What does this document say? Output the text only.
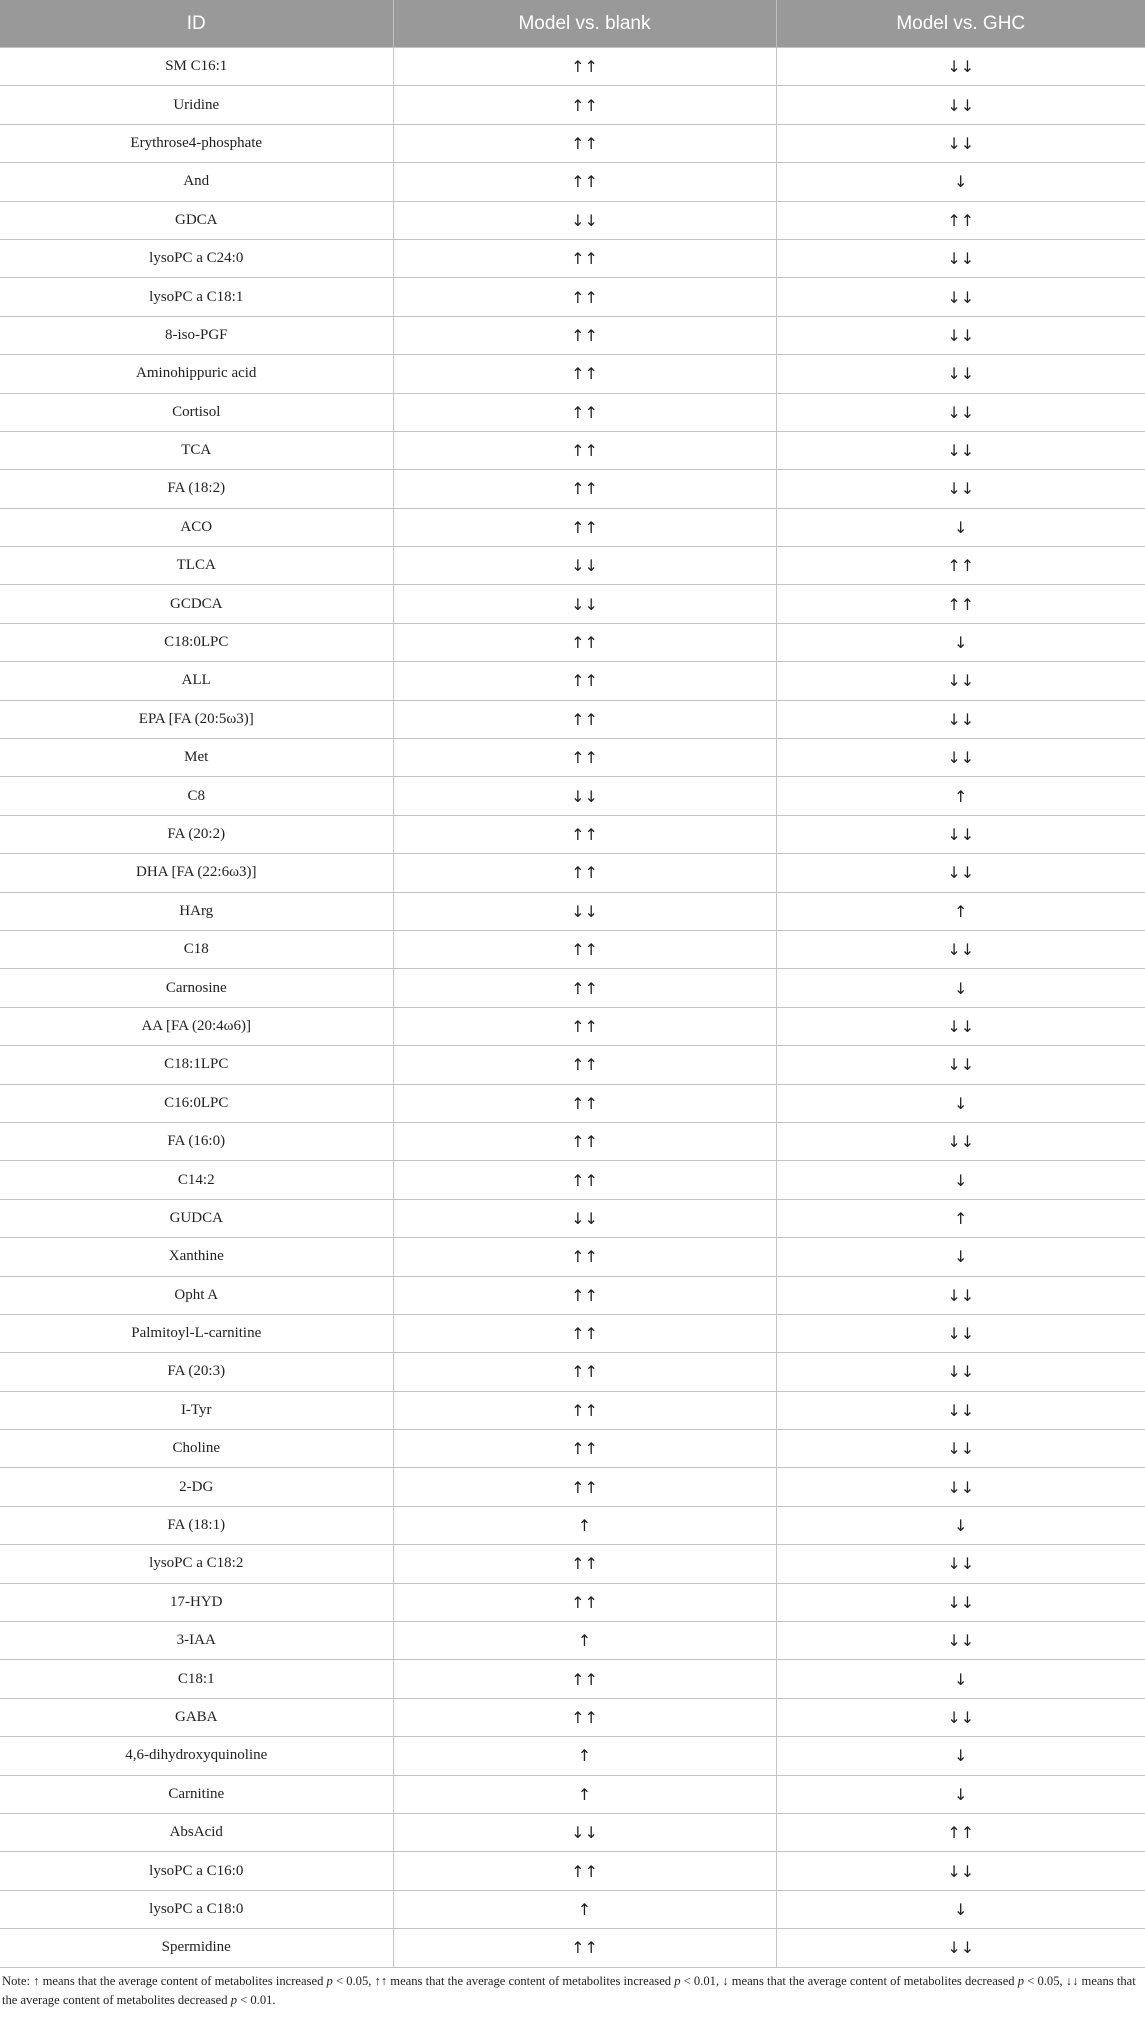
ID	Model vs. blank	Model vs. GHC
SM C16:1	↑↑	↓↓
Uridine	↑↑	↓↓
Erythrose4-phosphate	↑↑	↓↓
And	↑↑	↓
GDCA	↓↓	↑↑
lysoPC a C24:0	↑↑	↓↓
lysoPC a C18:1	↑↑	↓↓
8-iso-PGF	↑↑	↓↓
Aminohippuric acid	↑↑	↓↓
Cortisol	↑↑	↓↓
TCA	↑↑	↓↓
FA (18:2)	↑↑	↓↓
ACO	↑↑	↓
TLCA	↓↓	↑↑
GCDCA	↓↓	↑↑
C18:0LPC	↑↑	↓
ALL	↑↑	↓↓
EPA [FA (20:5ω3)]	↑↑	↓↓
Met	↑↑	↓↓
C8	↓↓	↑
FA (20:2)	↑↑	↓↓
DHA [FA (22:6ω3)]	↑↑	↓↓
HArg	↓↓	↑
C18	↑↑	↓↓
Carnosine	↑↑	↓
AA [FA (20:4ω6)]	↑↑	↓↓
C18:1LPC	↑↑	↓↓
C16:0LPC	↑↑	↓
FA (16:0)	↑↑	↓↓
C14:2	↑↑	↓
GUDCA	↓↓	↑
Xanthine	↑↑	↓
Opht A	↑↑	↓↓
Palmitoyl-L-carnitine	↑↑	↓↓
FA (20:3)	↑↑	↓↓
I-Tyr	↑↑	↓↓
Choline	↑↑	↓↓
2-DG	↑↑	↓↓
FA (18:1)	↑	↓
lysoPC a C18:2	↑↑	↓↓
17-HYD	↑↑	↓↓
3-IAA	↑	↓↓
C18:1	↑↑	↓
GABA	↑↑	↓↓
4,6-dihydroxyquinoline	↑	↓
Carnitine	↑	↓
AbsAcid	↓↓	↑↑
lysoPC a C16:0	↑↑	↓↓
lysoPC a C18:0	↑	↓
Spermidine	↑↑	↓↓
Note: ↑ means that the average content of metabolites increased p < 0.05, ↑↑ means that the average content of metabolites increased p < 0.01, ↓ means that the average content of metabolites decreased p < 0.05, ↓↓ means that the average content of metabolites decreased p < 0.01.
